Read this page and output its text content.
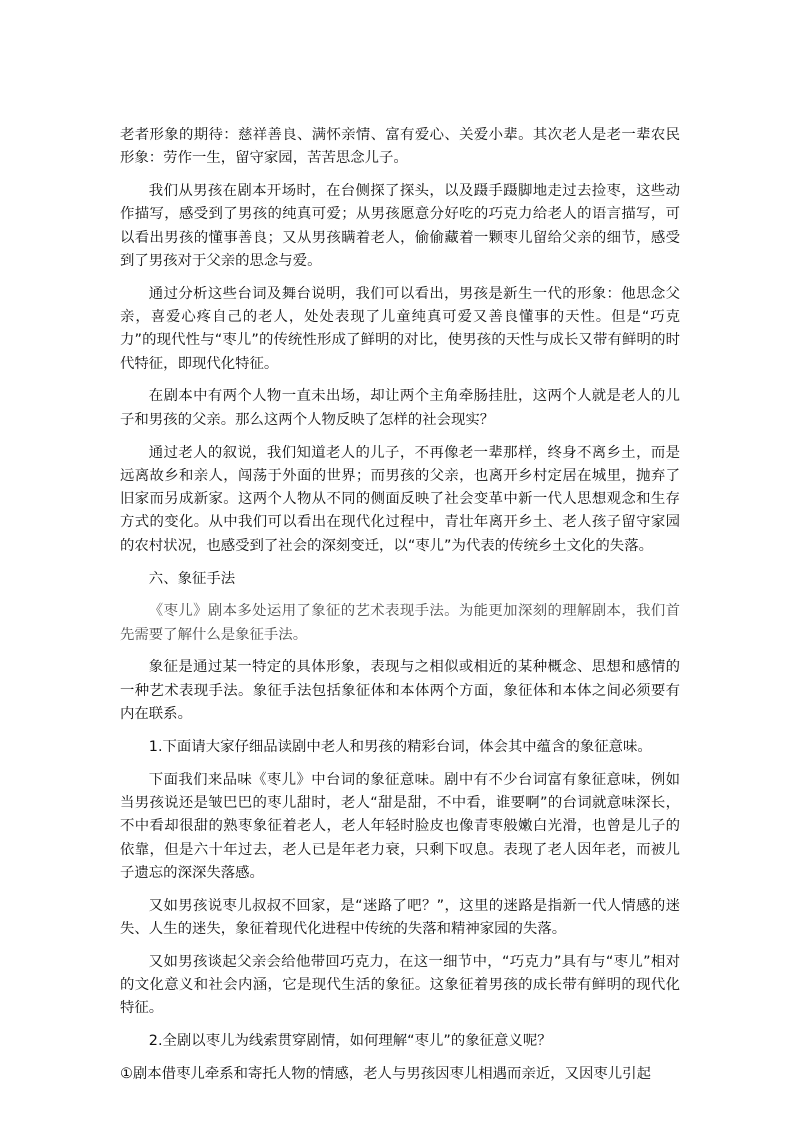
老者形象的期待：慈祥善良、满怀亲情、富有爱心、关爱小辈。其次老人是老一辈农民形象：劳作一生，留守家园，苦苦思念儿子。

我们从男孩在剧本开场时，在台侧探了探头，以及蹑手蹑脚地走过去捡枣，这些动作描写，感受到了男孩的纯真可爱；从男孩愿意分好吃的巧克力给老人的语言描写，可以看出男孩的懂事善良；又从男孩瞒着老人，偷偷藏着一颗枣儿留给父亲的细节，感受到了男孩对于父亲的思念与爱。

通过分析这些台词及舞台说明，我们可以看出，男孩是新生一代的形象：他思念父亲，喜爱心疼自己的老人，处处表现了儿童纯真可爱又善良懂事的天性。但是“巧克力”的现代性与“枣儿”的传统性形成了鲜明的对比，使男孩的天性与成长又带有鲜明的时代特征，即现代化特征。

在剧本中有两个人物一直未出场，却让两个主角牵肠挂肚，这两个人就是老人的儿子和男孩的父亲。那么这两个人物反映了怎样的社会现实？

通过老人的叙说，我们知道老人的儿子，不再像老一辈那样，终身不离乡土，而是远离故乡和亲人，闯荡于外面的世界；而男孩的父亲，也离开乡村定居在城里，抛弃了旧家而另成新家。这两个人物从不同的侧面反映了社会变革中新一代人思想观念和生存方式的变化。从中我们可以看出在现代化过程中，青壮年离开乡土、老人孩子留守家园的农村状况，也感受到了社会的深刻变迁，以“枣儿”为代表的传统乡土文化的失落。

六、象征手法

《枣儿》剧本多处运用了象征的艺术表现手法。为能更加深刻的理解剧本，我们首先需要了解什么是象征手法。

象征是通过某一特定的具体形象，表现与之相似或相近的某种概念、思想和感情的一种艺术表现手法。象征手法包括象征体和本体两个方面，象征体和本体之间必须要有内在联系。

1.下面请大家仔细品读剧中老人和男孩的精彩台词，体会其中蕴含的象征意味。

下面我们来品味《枣儿》中台词的象征意味。剧中有不少台词富有象征意味，例如当男孩说还是皱巴巴的枣儿甜时，老人“甜是甜，不中看，谁要啊”的台词就意味深长，不中看却很甜的熟枣象征着老人，老人年轻时脸皮也像青枣般嫩白光滑，也曾是儿子的依靠，但是六十年过去，老人已是年老力衰，只剩下叹息。表现了老人因年老，而被儿子遗忘的深深失落感。

又如男孩说枣儿叔叔不回家，是“迷路了吧？”，这里的迷路是指新一代人情感的迷失、人生的迷失，象征着现代化进程中传统的失落和精神家园的失落。

又如男孩谈起父亲会给他带回巧克力，在这一细节中，“巧克力”具有与“枣儿”相对的文化意义和社会内涵，它是现代生活的象征。这象征着男孩的成长带有鲜明的现代化特征。

2.全剧以枣儿为线索贯穿剧情，如何理解“枣儿”的象征意义呢？

①剧本借枣儿牵系和寄托人物的情感，老人与男孩因枣儿相遇而亲近，又因枣儿引起
